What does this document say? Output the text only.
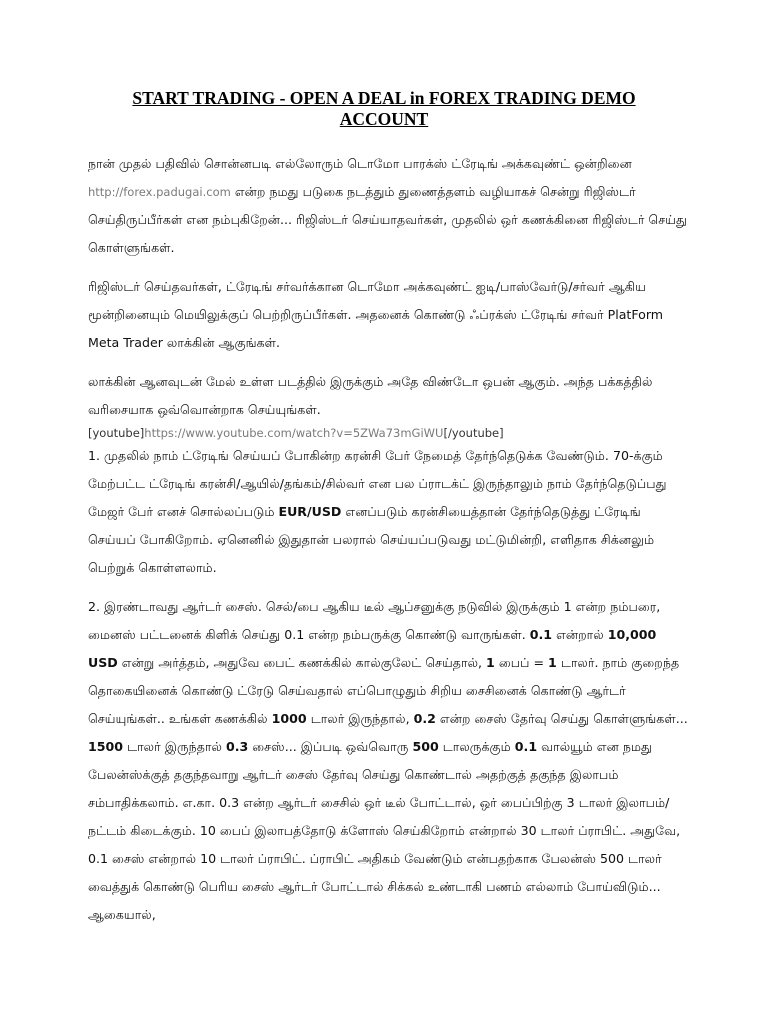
START TRADING - OPEN A DEAL in FOREX TRADING DEMO ACCOUNT

நான் முதல் பதிவில் சொன்னபடி எல்லோரும் டொமோ பாரக்ஸ் ட்ரேடிங் அக்கவுண்ட் ஒன்றினை http://forex.padugai.com என்ற நமது படுகை நடத்தும் துணைத்தளம் வழியாகச் சென்று ரிஜிஸ்டர் செய்திருப்பீர்கள் என நம்புகிறேன்... ரிஜிஸ்டர் செய்யாதவர்கள், முதலில் ஒர் கணக்கினை ரிஜிஸ்டர் செய்து கொள்ளுங்கள்.

ரிஜிஸ்டர் செய்தவர்கள், ட்ரேடிங் சர்வர்க்கான டொமோ அக்கவுண்ட் ஐடி/பாஸ்வேர்டு/சர்வர் ஆகிய மூன்றினையும் மெயிலுக்குப் பெற்றிருப்பீர்கள். அதனைக் கொண்டு ஃப்ரக்ஸ் ட்ரேடிங் சர்வர் PlatForm Meta Trader லாக்கின் ஆகுங்கள்.

லாக்கின் ஆனவுடன் மேல் உள்ள படத்தில் இருக்கும் அதே விண்டோ ஒபன் ஆகும். அந்த பக்கத்தில் வரிசையாக ஒவ்வொன்றாக செய்யுங்கள்.

[youtube]https://www.youtube.com/watch?v=5ZWa73mGiWU[/youtube]

1. முதலில் நாம் ட்ரேடிங் செய்யப் போகின்ற கரன்சி பேர் நேமைத் தேர்ந்தெடுக்க வேண்டும். 70-க்கும் மேற்பட்ட ட்ரேடிங் கரன்சி/ஆயில்/தங்கம்/சில்வர் என பல ப்ராடக்ட் இருந்தாலும் நாம் தேர்ந்தெடுப்பது மேஜர் பேர் எனச் சொல்லப்படும் EUR/USD எனப்படும் கரன்சியைத்தான் தேர்ந்தெடுத்து ட்ரேடிங் செய்யப் போகிறோம். ஏனெனில் இதுதான் பலரால் செய்யப்படுவது மட்டுமின்றி, எளிதாக சிக்னலும் பெற்றுக் கொள்ளலாம்.

2. இரண்டாவது ஆர்டர் சைஸ். செல்/பை ஆகிய டீல் ஆப்சனுக்கு நடுவில் இருக்கும் 1 என்ற நம்பரை, மைனஸ் பட்டனைக் கிளிக் செய்து 0.1 என்ற நம்பருக்கு கொண்டு வாருங்கள். 0.1 என்றால் 10,000 USD என்று அர்த்தம், அதுவே பைட் கணக்கில் கால்குலேட் செய்தால், 1 பைப் = 1 டாலர். நாம் குறைந்த தொகையினைக் கொண்டு ட்ரேடு செய்வதால் எப்பொழுதும் சிறிய சைசினைக் கொண்டு ஆர்டர் செய்யுங்கள்.. உங்கள் கணக்கில் 1000 டாலர் இருந்தால், 0.2 என்ற சைஸ் தேர்வு செய்து கொள்ளுங்கள்... 1500 டாலர் இருந்தால் 0.3 சைஸ்... இப்படி ஒவ்வொரு 500 டாலருக்கும் 0.1 வால்யூம் என நமது பேலன்ஸ்க்குத் தகுந்தவாறு ஆர்டர் சைஸ் தேர்வு செய்து கொண்டால் அதற்குத் தகுந்த இலாபம் சம்பாதிக்கலாம். எ.கா. 0.3 என்ற ஆர்டர் சைசில் ஒர் டீல் போட்டால், ஒர் பைப்பிற்கு 3 டாலர் இலாபம்/நட்டம் கிடைக்கும். 10 பைப் இலாபத்தோடு க்ளோஸ் செய்கிறோம் என்றால் 30 டாலர் ப்ராபிட். அதுவே, 0.1 சைஸ் என்றால் 10 டாலர் ப்ராபிட். ப்ராபிட் அதிகம் வேண்டும் என்பதற்காக பேலன்ஸ் 500 டாலர் வைத்துக் கொண்டு பெரிய சைஸ் ஆர்டர் போட்டால் சிக்கல் உண்டாகி பணம் எல்லாம் போய்விடும்... ஆகையால்,
